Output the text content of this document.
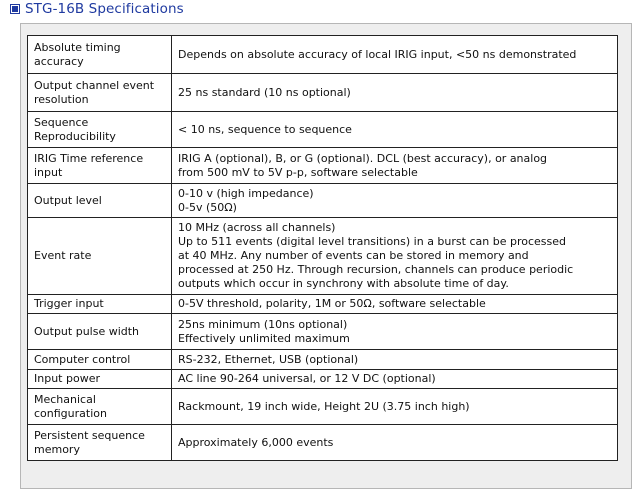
STG-16B Specifications
Absolute timing accuracy	Depends on absolute accuracy of local IRIG input, <50 ns demonstrated

Output channel event resolution	25 ns standard (10 ns optional)

Sequence Reproducibility	< 10 ns, sequence to sequence

IRIG Time reference input	IRIG A (optional), B, or G (optional). DCL (best accuracy), or analog
from 500 mV to 5V p-p, software selectable

Output level	0-10 v (high impedance)
0-5v (50Ω)

Event rate	10 MHz (across all channels)
Up to 511 events (digital level transitions) in a burst can be processed
at 40 MHz. Any number of events can be stored in memory and
processed at 250 Hz. Through recursion, channels can produce periodic
outputs which occur in synchrony with absolute time of day.

Trigger input	0-5V threshold, polarity, 1M or 50Ω, software selectable

Output pulse width	25ns minimum (10ns optional)
Effectively unlimited maximum

Computer control	RS-232, Ethernet, USB (optional)

Input power	AC line 90-264 universal, or 12 V DC (optional)

Mechanical configuration	Rackmount, 19 inch wide, Height 2U (3.75 inch high)

Persistent sequence memory	Approximately 6,000 events
